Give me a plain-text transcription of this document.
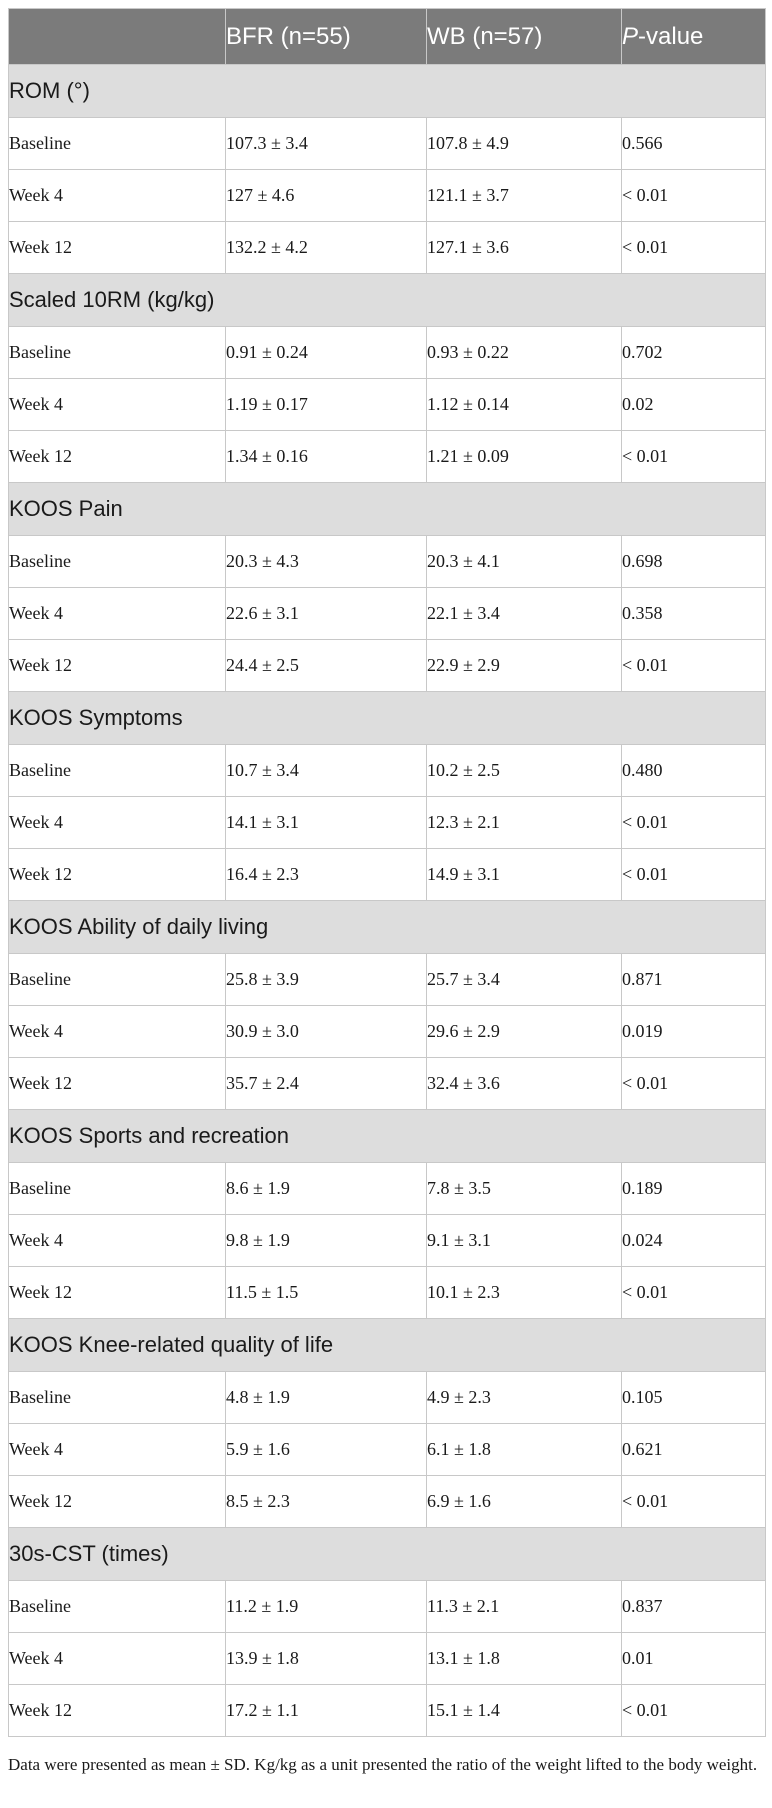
	BFR (n=55)	WB (n=57)	P-value
ROM (°)			
Baseline	107.3 ± 3.4	107.8 ± 4.9	0.566
Week 4	127 ± 4.6	121.1 ± 3.7	< 0.01
Week 12	132.2 ± 4.2	127.1 ± 3.6	< 0.01
Scaled 10RM (kg/kg)			
Baseline	0.91 ± 0.24	0.93 ± 0.22	0.702
Week 4	1.19 ± 0.17	1.12 ± 0.14	0.02
Week 12	1.34 ± 0.16	1.21 ± 0.09	< 0.01
KOOS Pain			
Baseline	20.3 ± 4.3	20.3 ± 4.1	0.698
Week 4	22.6 ± 3.1	22.1 ± 3.4	0.358
Week 12	24.4 ± 2.5	22.9 ± 2.9	< 0.01
KOOS Symptoms			
Baseline	10.7 ± 3.4	10.2 ± 2.5	0.480
Week 4	14.1 ± 3.1	12.3 ± 2.1	< 0.01
Week 12	16.4 ± 2.3	14.9 ± 3.1	< 0.01
KOOS Ability of daily living			
Baseline	25.8 ± 3.9	25.7 ± 3.4	0.871
Week 4	30.9 ± 3.0	29.6 ± 2.9	0.019
Week 12	35.7 ± 2.4	32.4 ± 3.6	< 0.01
KOOS Sports and recreation			
Baseline	8.6 ± 1.9	7.8 ± 3.5	0.189
Week 4	9.8 ± 1.9	9.1 ± 3.1	0.024
Week 12	11.5 ± 1.5	10.1 ± 2.3	< 0.01
KOOS Knee-related quality of life			
Baseline	4.8 ± 1.9	4.9 ± 2.3	0.105
Week 4	5.9 ± 1.6	6.1 ± 1.8	0.621
Week 12	8.5 ± 2.3	6.9 ± 1.6	< 0.01
30s-CST (times)			
Baseline	11.2 ± 1.9	11.3 ± 2.1	0.837
Week 4	13.9 ± 1.8	13.1 ± 1.8	0.01
Week 12	17.2 ± 1.1	15.1 ± 1.4	< 0.01

Data were presented as mean ± SD. Kg/kg as a unit presented the ratio of the weight lifted to the body weight.
